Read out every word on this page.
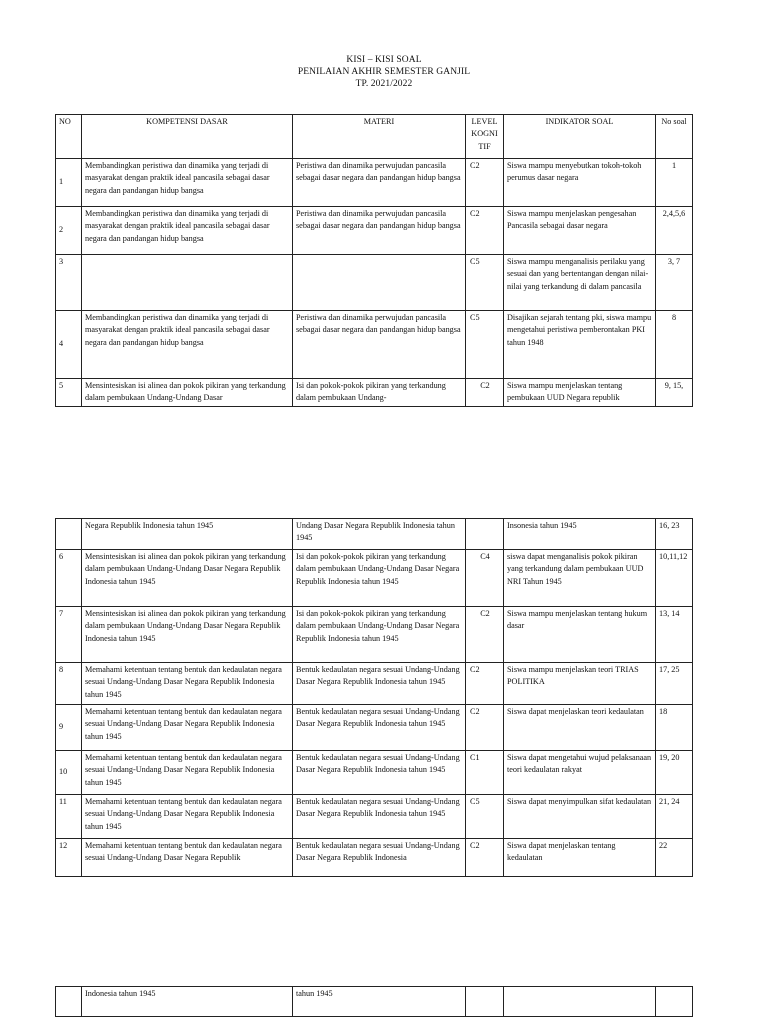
KISI – KISI SOAL
PENILAIAN AKHIR SEMESTER GANJIL
TP. 2021/2022
NO	KOMPETENSI DASAR	MATERI	LEVEL KOGNI TIF	INDIKATOR SOAL	No soal
1	Membandingkan peristiwa dan dinamika yang terjadi di masyarakat dengan praktik ideal pancasila sebagai dasar negara dan pandangan hidup bangsa	Peristiwa dan dinamika perwujudan pancasila sebagai dasar negara dan pandangan hidup bangsa	C2	Siswa mampu menyebutkan tokoh-tokoh perumus dasar negara	1
2	Membandingkan peristiwa dan dinamika yang terjadi di masyarakat dengan praktik ideal pancasila sebagai dasar negara dan pandangan hidup bangsa	Peristiwa dan dinamika perwujudan pancasila sebagai dasar negara dan pandangan hidup bangsa	C2	Siswa mampu menjelaskan pengesahan Pancasila sebagai dasar negara	2,4,5,6
3			C5	Siswa mampu menganalisis perilaku yang sesuai dan yang bertentangan dengan nilai-nilai yang terkandung di dalam pancasila	3, 7
4	Membandingkan peristiwa dan dinamika yang terjadi di masyarakat dengan praktik ideal pancasila sebagai dasar negara dan pandangan hidup bangsa	Peristiwa dan dinamika perwujudan pancasila sebagai dasar negara dan pandangan hidup bangsa	C5	Disajikan sejarah tentang pki, siswa mampu mengetahui peristiwa pemberontakan PKI tahun 1948	8
5	Mensintesiskan isi alinea dan pokok pikiran yang terkandung dalam pembukaan Undang-Undang Dasar	Isi dan pokok-pokok pikiran yang terkandung dalam pembukaan Undang-	C2	Siswa mampu menjelaskan tentang pembukaan UUD Negara republik	9, 15,
	Negara Republik Indonesia tahun 1945	Undang Dasar Negara Republik Indonesia tahun 1945		Insonesia tahun 1945	16, 23
6	Mensintesiskan isi alinea dan pokok pikiran yang terkandung dalam pembukaan Undang-Undang Dasar Negara Republik Indonesia tahun 1945	Isi dan pokok-pokok pikiran yang terkandung dalam pembukaan Undang-Undang Dasar Negara Republik Indonesia tahun 1945	C4	siswa dapat menganalisis pokok pikiran yang terkandung dalam pembukaan UUD NRI Tahun 1945	10,11,12
7	Mensintesiskan isi alinea dan pokok pikiran yang terkandung dalam pembukaan Undang-Undang Dasar Negara Republik Indonesia tahun 1945	Isi dan pokok-pokok pikiran yang terkandung dalam pembukaan Undang-Undang Dasar Negara Republik Indonesia tahun 1945	C2	Siswa mampu menjelaskan tentang hukum dasar	13, 14
8	Memahami ketentuan tentang bentuk dan kedaulatan negara sesuai Undang-Undang Dasar Negara Republik Indonesia tahun 1945	Bentuk kedaulatan negara sesuai Undang-Undang Dasar Negara Republik Indonesia tahun 1945	C2	Siswa mampu menjelaskan teori TRIAS POLITIKA	17, 25
9	Memahami ketentuan tentang bentuk dan kedaulatan negara sesuai Undang-Undang Dasar Negara Republik Indonesia tahun 1945	Bentuk kedaulatan negara sesuai Undang-Undang Dasar Negara Republik Indonesia tahun 1945	C2	Siswa dapat menjelaskan teori kedaulatan	18
10	Memahami ketentuan tentang bentuk dan kedaulatan negara sesuai Undang-Undang Dasar Negara Republik Indonesia tahun 1945	Bentuk kedaulatan negara sesuai Undang-Undang Dasar Negara Republik Indonesia tahun 1945	C1	Siswa dapat mengetahui wujud pelaksanaan teori kedaulatan rakyat	19, 20
11	Memahami ketentuan tentang bentuk dan kedaulatan negara sesuai Undang-Undang Dasar Negara Republik Indonesia tahun 1945	Bentuk kedaulatan negara sesuai Undang-Undang Dasar Negara Republik Indonesia tahun 1945	C5	Siswa dapat menyimpulkan sifat kedaulatan	21, 24
12	Memahami ketentuan tentang bentuk dan kedaulatan negara sesuai Undang-Undang Dasar Negara Republik	Bentuk kedaulatan negara sesuai Undang-Undang Dasar Negara Republik Indonesia	C2	Siswa dapat menjelaskan tentang kedaulatan	22
	Indonesia tahun 1945	tahun 1945			
